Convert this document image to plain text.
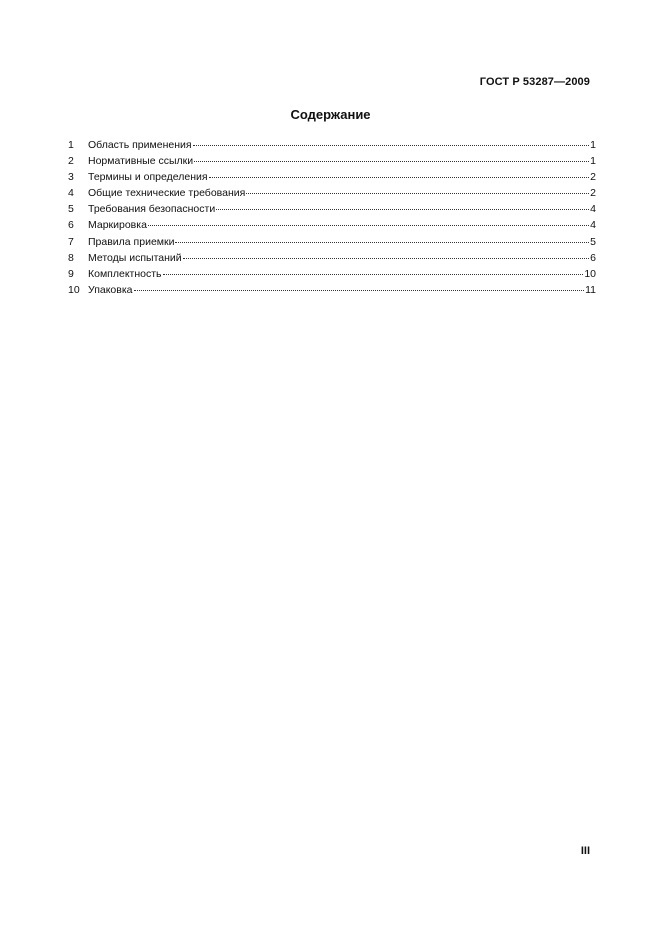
ГОСТ Р 53287—2009
Содержание
1	Область применения	1
2	Нормативные ссылки	1
3	Термины и определения	2
4	Общие технические требования	2
5	Требования безопасности	4
6	Маркировка	4
7	Правила приемки	5
8	Методы испытаний	6
9	Комплектность	10
10 Упаковка	11
III
